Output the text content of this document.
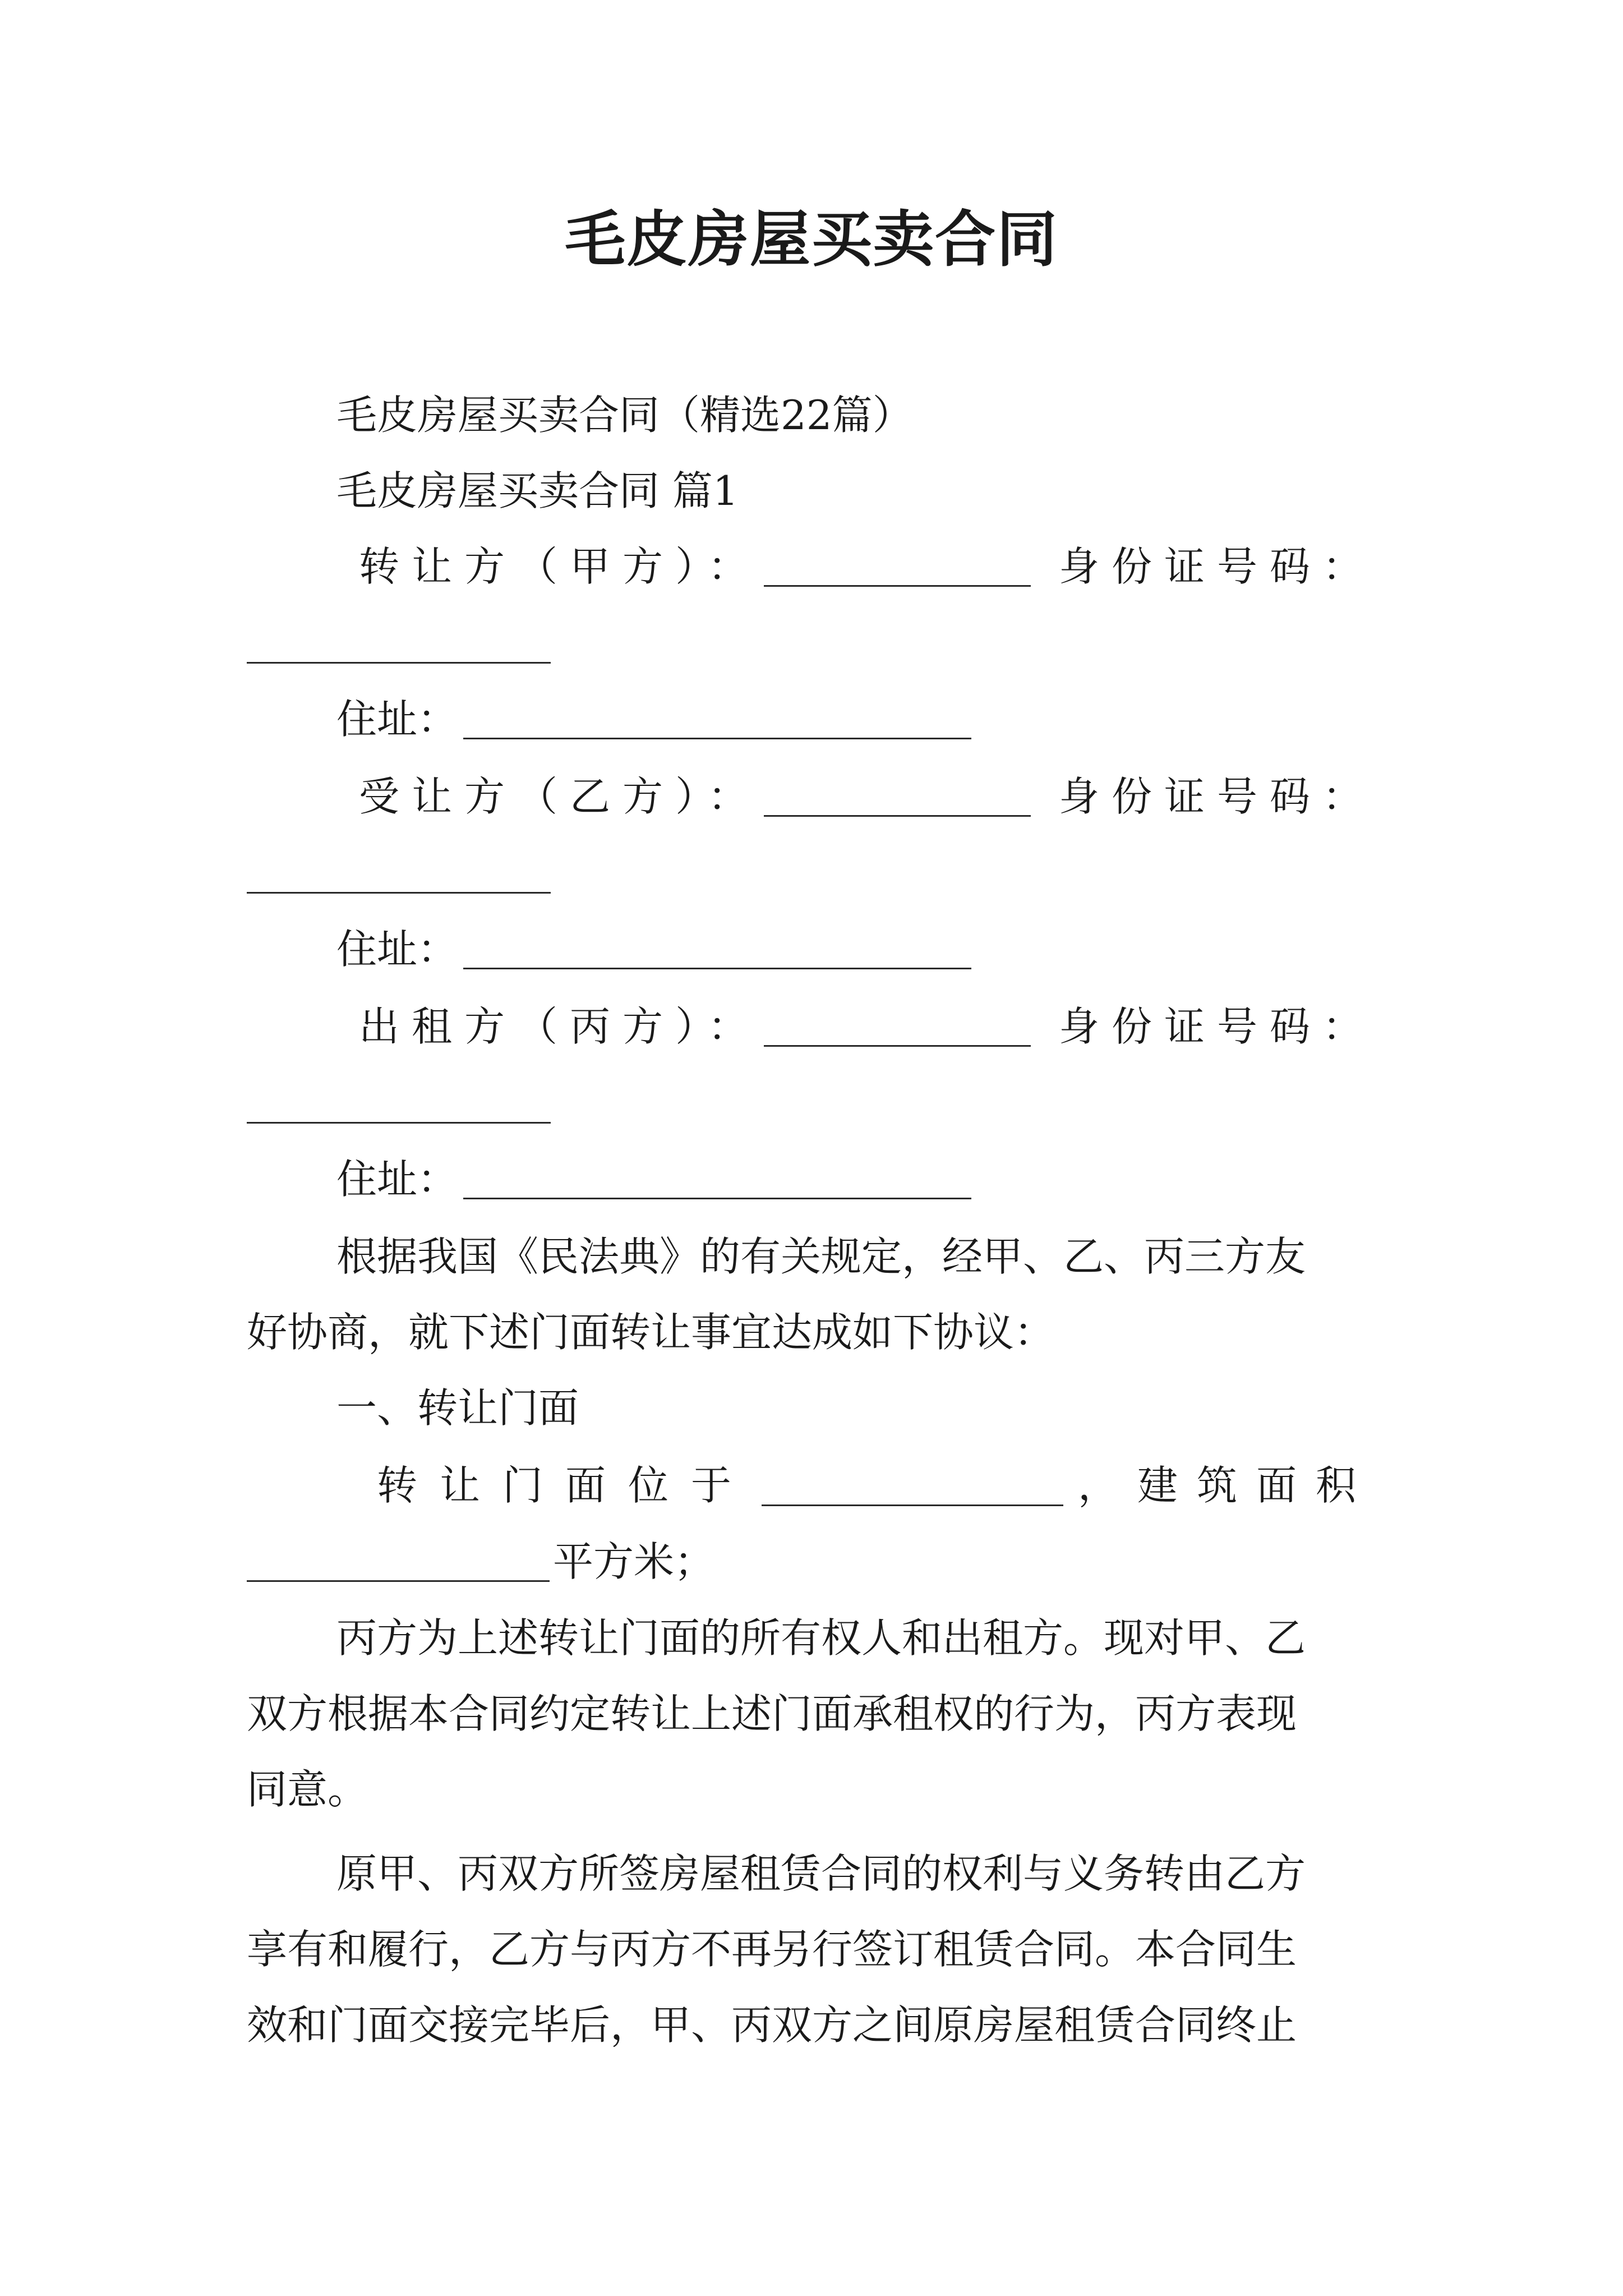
毛皮房屋买卖合同
毛皮房屋买卖合同（精选22篇）
毛皮房屋买卖合同 篇1
转让方（甲方）：	身份证号码：
住址：
受让方（乙方）：	身份证号码：
住址：
出租方（丙方）：	身份证号码：
住址：
根据我国《民法典》的有关规定，经甲、乙、丙三方友
好协商，就下述门面转让事宜达成如下协议：
一、转让门面
转让门面位于	，建筑面积
平方米；
丙方为上述转让门面的所有权人和出租方。现对甲、乙
双方根据本合同约定转让上述门面承租权的行为，丙方表现
同意。
原甲、丙双方所签房屋租赁合同的权利与义务转由乙方
享有和履行，乙方与丙方不再另行签订租赁合同。本合同生
效和门面交接完毕后，甲、丙双方之间原房屋租赁合同终止
